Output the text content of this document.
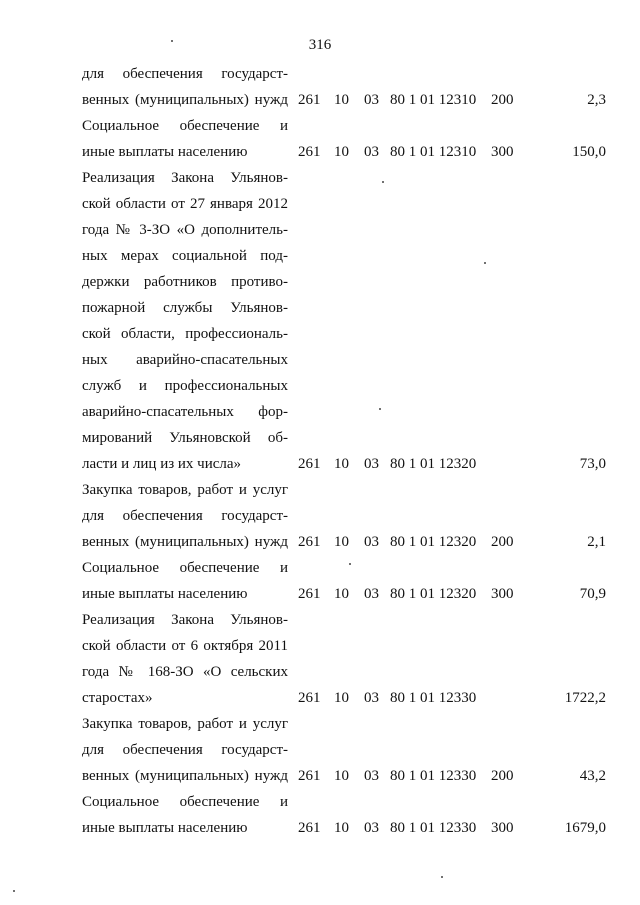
316
для обеспечения государст-
венных (муниципальных) нужд 261 10 03 80 1 01 12310 200	2,3
Социальное обеспечение и
иные выплаты населению	261 10 03 80 1 01 12310 300	150,0
Реализация Закона Ульянов-
ской области от 27 января 2012
года № 3-ЗО «О дополнитель-
ных мерах социальной под-
держки работников противо-
пожарной службы Ульянов-
ской области, профессиональ-
ных аварийно-спасательных
служб и профессиональных
аварийно-спасательных фор-
мирований Ульяновской об-
ласти и лиц из их числа»	261 10 03 80 1 01 12320	73,0
Закупка товаров, работ и услуг
для обеспечения государст-
венных (муниципальных) нужд 261 10 03 80 1 01 12320 200	2,1
Социальное обеспечение и
иные выплаты населению	261 10 03 80 1 01 12320 300	70,9
Реализация Закона Ульянов-
ской области от 6 октября 2011
года № 168-ЗО «О сельских
старостах»	261 10 03 80 1 01 12330	1722,2
Закупка товаров, работ и услуг
для обеспечения государст-
венных (муниципальных) нужд 261 10 03 80 1 01 12330 200	43,2
Социальное обеспечение и
иные выплаты населению	261 10 03 80 1 01 12330 300	1679,0
